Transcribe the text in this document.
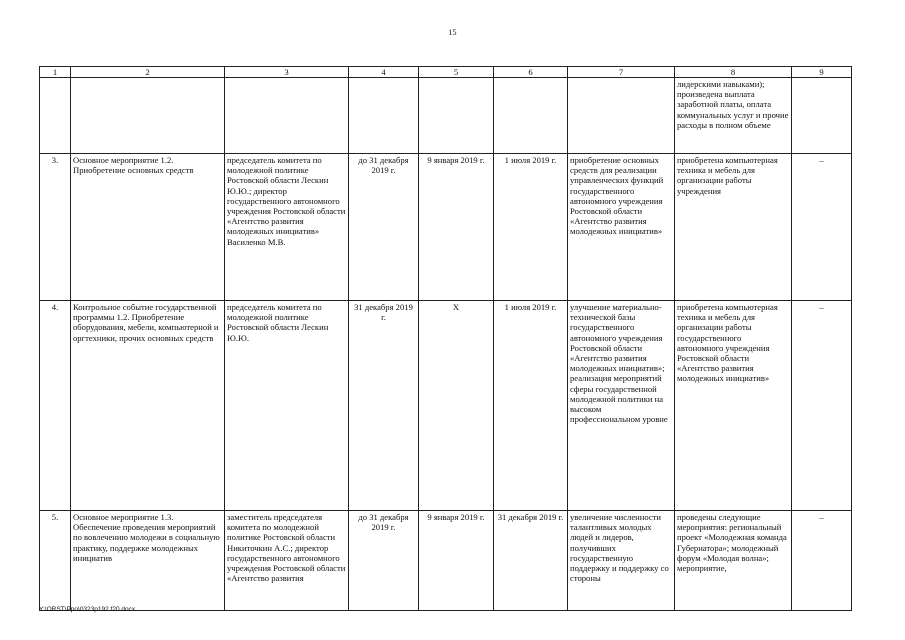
15
1	2	3	4	5	6	7	8	9
							лидерскими навыками); произведена выплата заработной платы, оплата коммунальных услуг и прочие расходы в полном объеме	
3.	Основное мероприятие 1.2. Приобретение основных средств	председатель комитета по молодежной политике Ростовской области Лескин Ю.Ю.; директор государственного автономного учреждения Ростовской области «Агентство развития молодежных инициатив» Василенко М.В.	до 31 декабря 2019 г.	9 января 2019 г.	1 июля 2019 г.	приобретение основных средств для реализации управленческих функций государственного автономного учреждения Ростовской области «Агентство развития молодежных инициатив»	приобретена компьютерная техника и мебель для организации работы учреждения	–
4.	Контрольное событие государственной программы 1.2. Приобретение оборудования, мебели, компьютерной и оргтехники, прочих основных средств	председатель комитета по молодежной политике Ростовской области Лескин Ю.Ю.	31 декабря 2019 г.	Х	1 июля 2019 г.	улучшение материально-технической базы государственного автономного учреждения Ростовской области «Агентство развития молодежных инициатив»; реализация мероприятий сферы государственной молодежной политики на высоком профессиональном уровне	приобретена компьютерная техника и мебель для организации работы государственного автономного учреждения Ростовской области «Агентство развития молодежных инициатив»	–
5.	Основное мероприятие 1.3. Обеспечение проведения мероприятий по вовлечению молодежи в социальную практику, поддержке молодежных инициатив	заместитель председателя комитета по молодежной политике Ростовской области Никиточкин А.С.; директор государственного автономного учреждения Ростовской области «Агентство развития	до 31 декабря 2019 г.	9 января 2019 г.	31 декабря 2019 г.	увеличение численности талантливых молодых людей и лидеров, получивших государственную поддержку и поддержку со стороны	проведены следующие мероприятия: региональный проект «Молодежная команда Губернатора»; молодежный форум «Молодая волна»; мероприятие,	–
Y:\ORST\Ppo\0323p192.f20.docx
